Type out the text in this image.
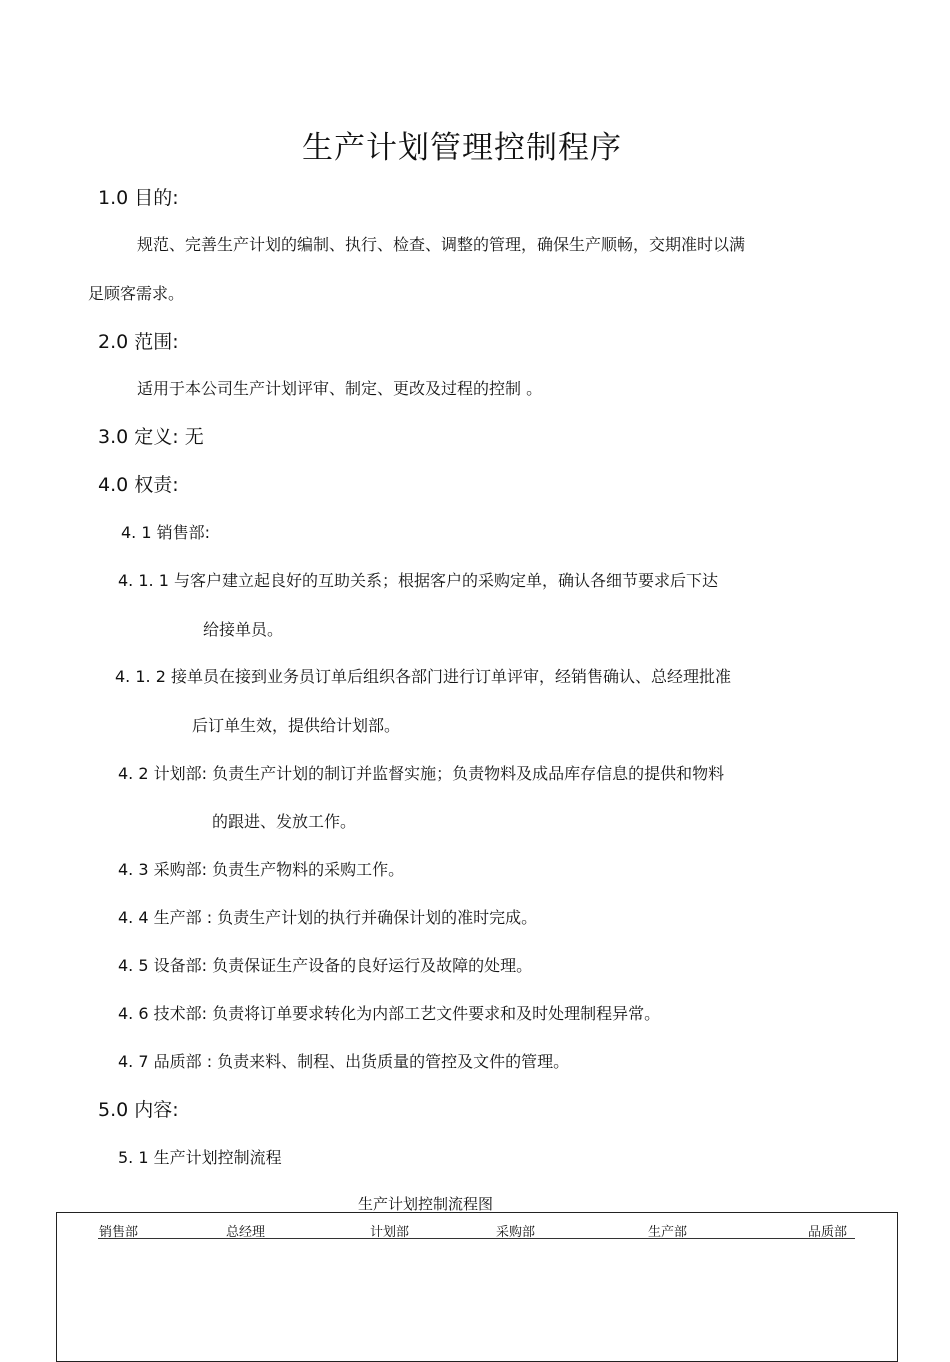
生产计划管理控制程序
1.0 目的:
规范、完善生产计划的编制、执行、检查、调整的管理，确保生产顺畅，交期准时以满
足顾客需求。
2.0 范围:
适用于本公司生产计划评审、制定、更改及过程的控制 。
3.0 定义: 无
4.0 权责:
4. 1 销售部:
4. 1. 1 与客户建立起良好的互助关系；根据客户的采购定单，确认各细节要求后下达
给接单员。
4. 1. 2 接单员在接到业务员订单后组织各部门进行订单评审，经销售确认、总经理批准
后订单生效，提供给计划部。
4. 2 计划部: 负责生产计划的制订并监督实施；负责物料及成品库存信息的提供和物料
的跟进、发放工作。
4. 3 采购部: 负责生产物料的采购工作。
4. 4 生产部 : 负责生产计划的执行并确保计划的准时完成。
4. 5 设备部: 负责保证生产设备的良好运行及故障的处理。
4. 6 技术部: 负责将订单要求转化为内部工艺文件要求和及时处理制程异常。
4. 7 品质部 : 负责来料、制程、出货质量的管控及文件的管理。
5.0 内容:
5. 1 生产计划控制流程
生产计划控制流程图
销售部	总经理	计划部	采购部	生产部	品质部
